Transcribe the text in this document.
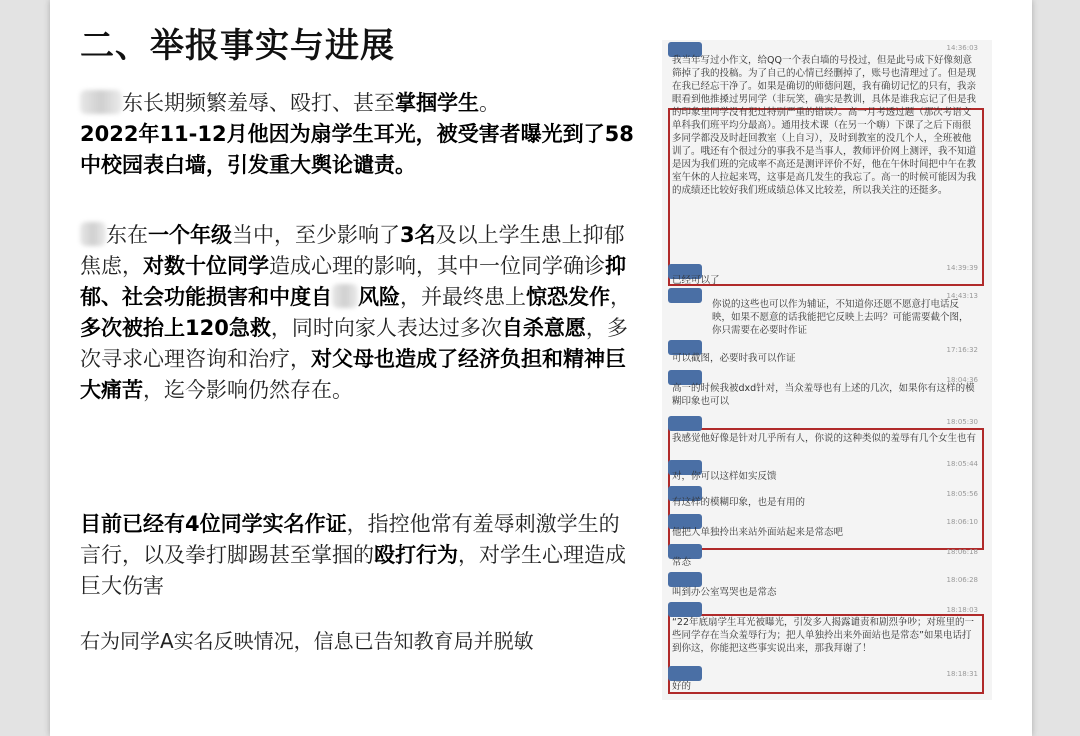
二、举报事实与进展
东长期频繁羞辱、殴打、甚至掌掴学生。
2022年11-12月他因为扇学生耳光，被受害者曝光到了58中校园表白墙，引发重大舆论谴责。
东在一个年级当中，至少影响了3名及以上学生患上抑郁焦虑，对数十位同学造成心理的影响，其中一位同学确诊抑郁、社会功能损害和中度自 风险，并最终患上惊恐发作，多次被抬上120急救，同时向家人表达过多次自杀意愿，多次寻求心理咨询和治疗，对父母也造成了经济负担和精神巨大痛苦，迄今影响仍然存在。
目前已经有4位同学实名作证，指控他常有羞辱刺激学生的言行，以及拳打脚踢甚至掌掴的殴打行为，对学生心理造成巨大伤害
右为同学A实名反映情况，信息已告知教育局并脱敏
14:36:03
我当年写过小作文，给QQ一个表白墙的号投过，但是此号成下好像刻意筛掉了我的投稿。为了自己的心情已经删掉了，账号也清理过了。但是现在我已经忘干净了。如果是确切的师德问题，我有确切记忆的只有，我亲眼看到他推搡过男同学（非玩笑，确实是教训，具体是谁我忘记了但是我的印象里同学没有犯过特别严重的错误）。高一月考透过题（那次考语文单科我们班平均分最高）。通用技术课（在另一个嗨）下课了之后下雨很多同学都没及时赶回教室（上自习），及时到教室的没几个人，全班被他训了。哦还有个很过分的事我不是当事人，教师评价网上测评，我不知道是因为我们班的完成率不高还是测评评价不好，他在午休时间把中午在教室午休的人拉起来骂，这事是高几发生的我忘了。高一的时候可能因为我的成绩还比较好我们班成绩总体又比较差，所以我关注的还挺多。
14:39:39
已经可以了
14:43:13
你说的这些也可以作为辅证，不知道你还愿不愿意打电话反映，如果不愿意的话我能把它反映上去吗？可能需要截个图，你只需要在必要时作证
17:16:32
可以截图，必要时我可以作证
18:04:36
高一的时候我被dxd针对，当众羞辱也有上述的几次，如果你有这样的模糊印象也可以
18:05:30
我感觉他好像是针对几乎所有人，你说的这种类似的羞辱有几个女生也有
18:05:44
对，你可以这样如实反馈
18:05:56
有这样的模糊印象，也是有用的
18:06:10
他把人单独拎出来站外面站起来是常态吧
18:06:18
常态
18:06:28
叫到办公室骂哭也是常态
18:18:03
“22年底扇学生耳光被曝光，引发多人揭露谴责和剧烈争吵；对班里的一些同学存在当众羞辱行为；把人单独拎出来外面站也是常态”如果电话打到你这，你能把这些事实说出来，那我拜谢了！
18:18:31
好的
